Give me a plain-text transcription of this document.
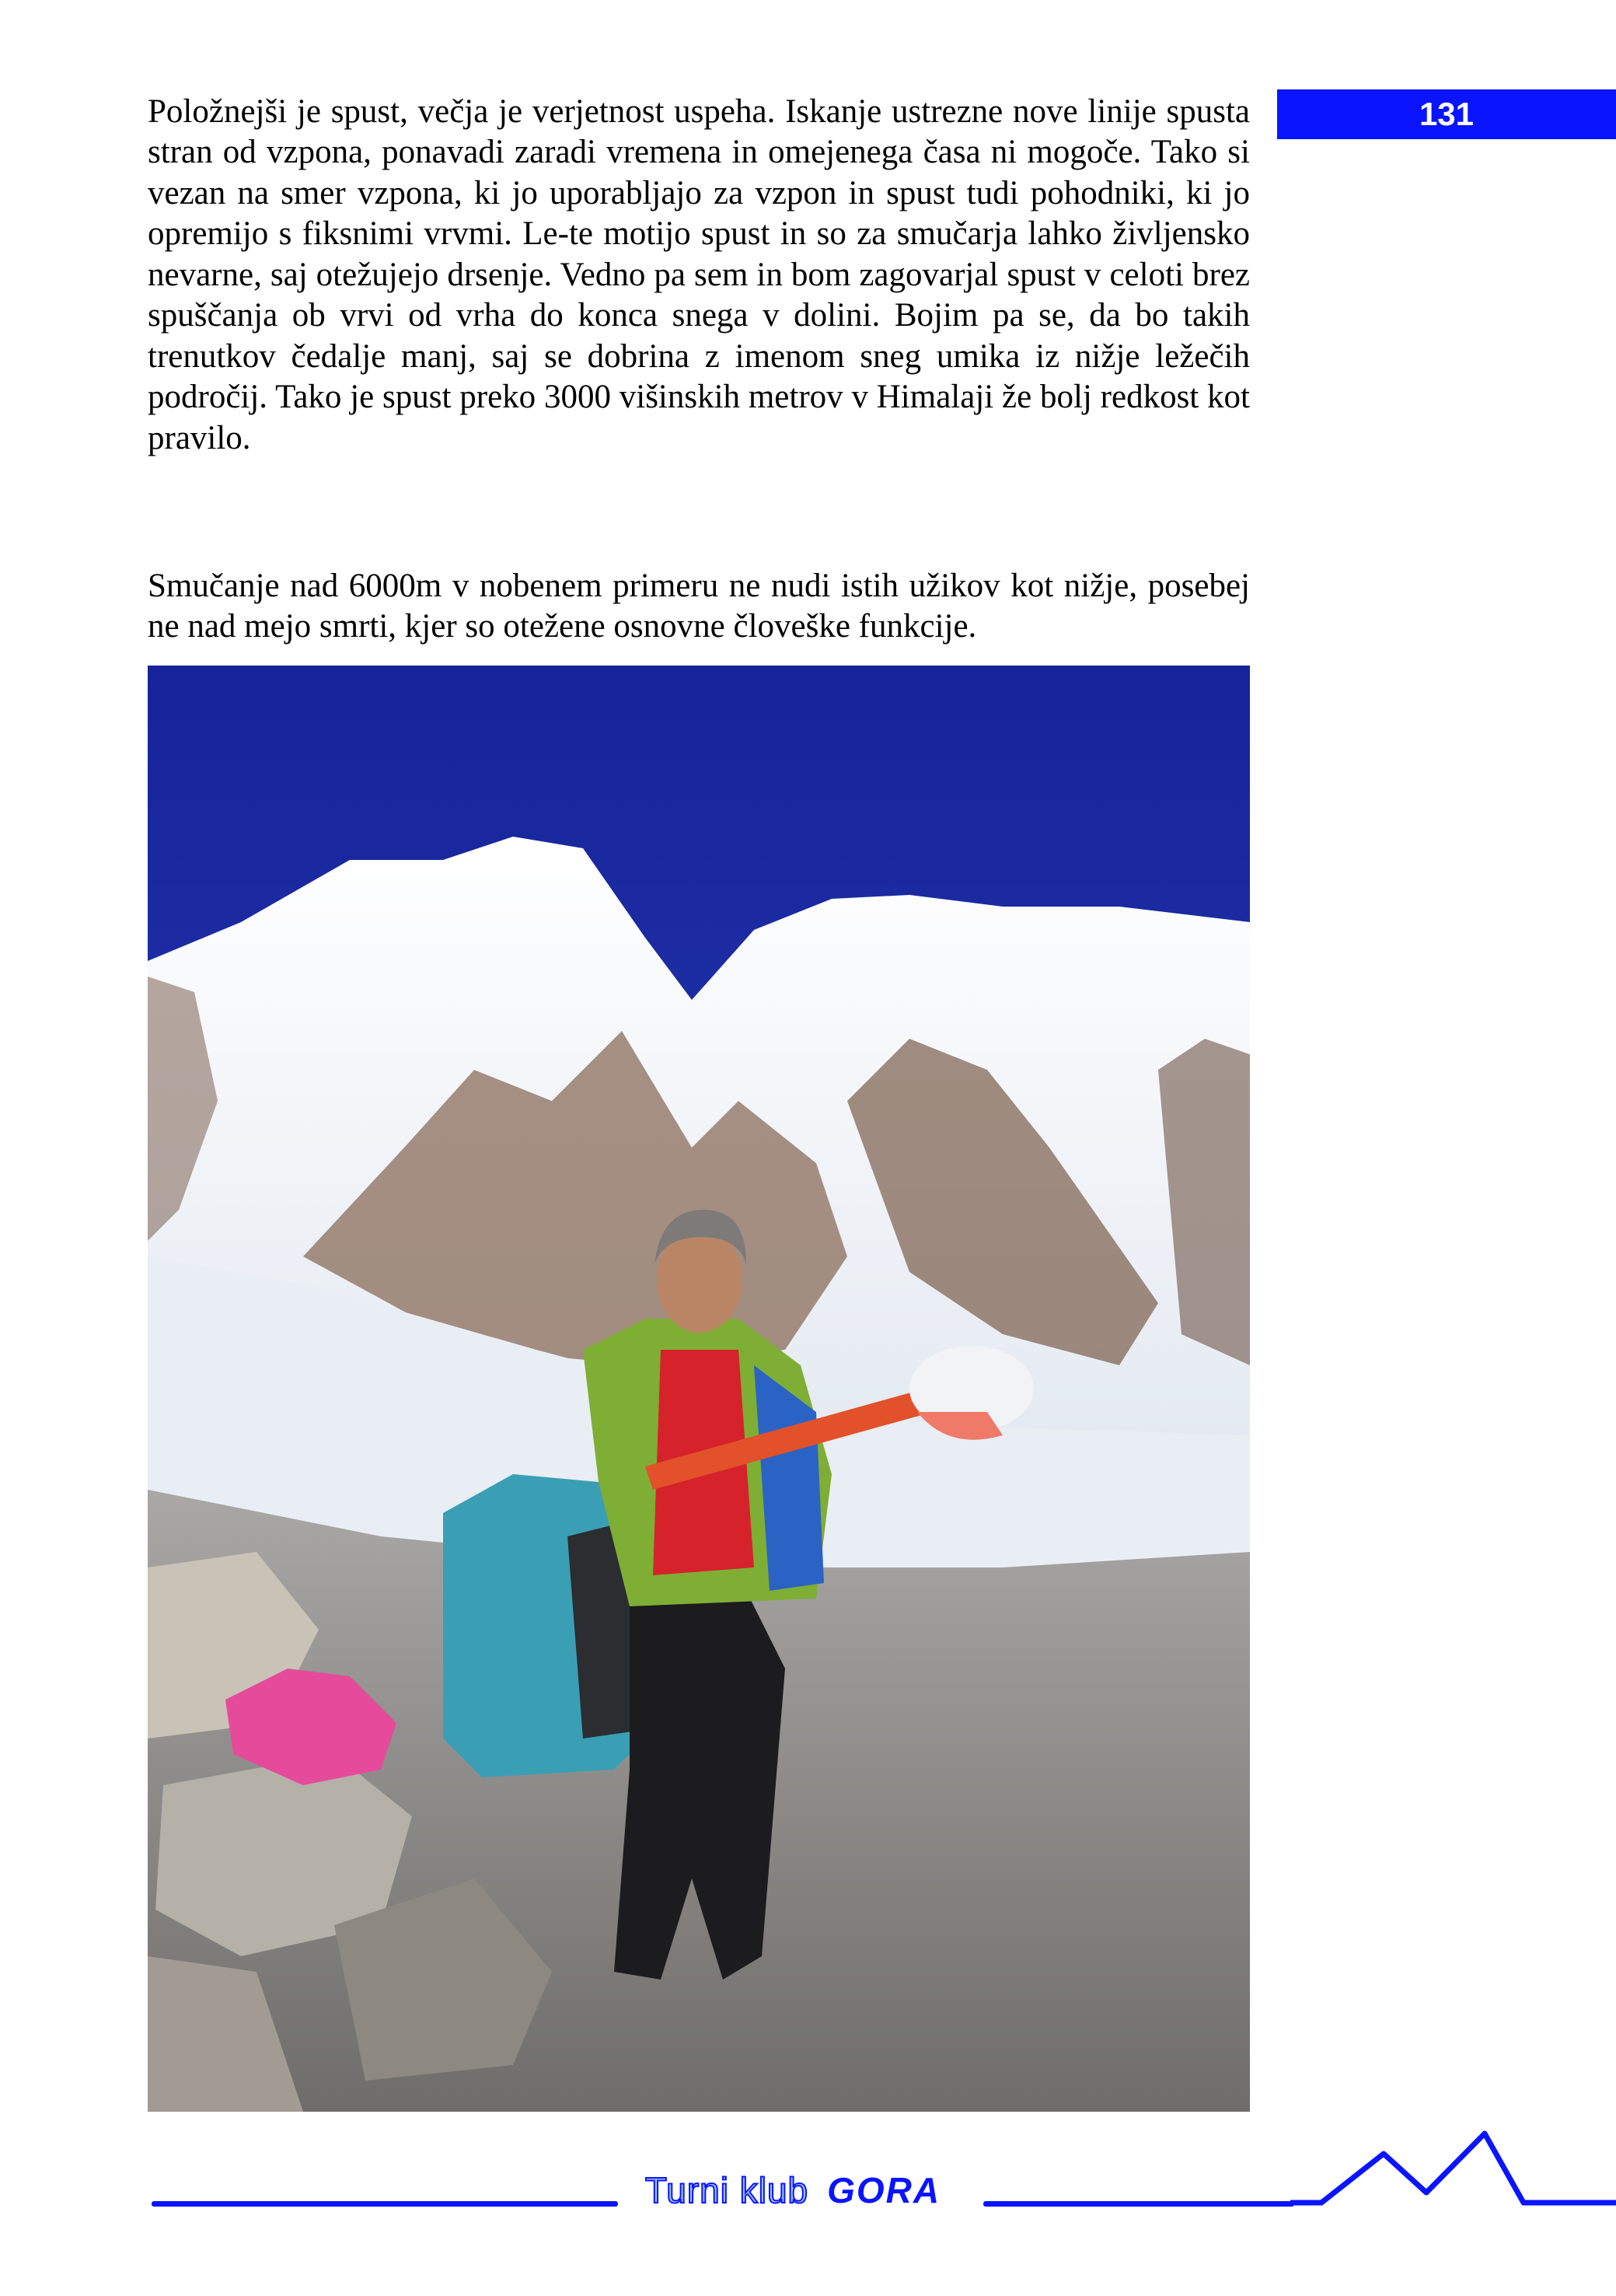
131

Položnejši je spust, večja je verjetnost uspeha. Iskanje ustrezne nove linije spusta stran od vzpona, ponavadi zaradi vremena in omejenega časa ni mogoče. Tako si vezan na smer vzpona, ki jo uporabljajo za vzpon in spust tudi pohodniki, ki jo opremijo s fiksnimi vrvmi. Le-te motijo spust in so za smučarja lahko življensko nevarne, saj otežujejo drsenje. Vedno pa sem in bom zagovarjal spust v celoti brez spuščanja ob vrvi od vrha do konca snega v dolini. Bojim pa se, da bo takih trenutkov čedalje manj, saj se dobrina z imenom sneg umika iz nižje ležečih področij. Tako je spust preko 3000 višinskih metrov v Himalaji že bolj redkost kot pravilo.

Smučanje nad 6000m v nobenem primeru ne nudi istih užikov kot nižje, posebej ne nad mejo smrti, kjer so otežene osnovne človeške funkcije.

Turni klub GORA
